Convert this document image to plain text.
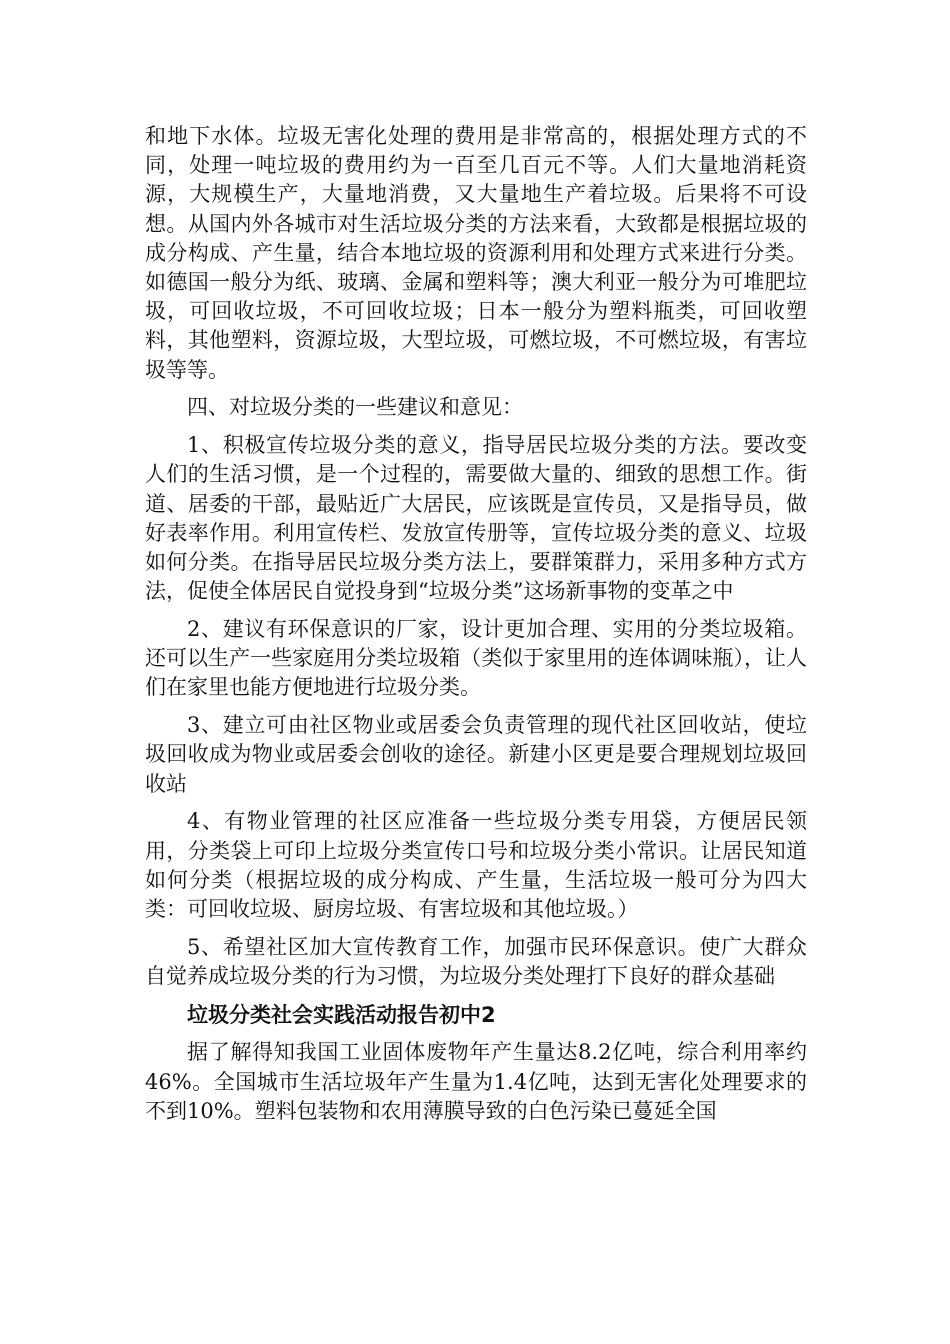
和地下水体。垃圾无害化处理的费用是非常高的，根据处理方式的不同，处理一吨垃圾的费用约为一百至几百元不等。人们大量地消耗资源，大规模生产，大量地消费，又大量地生产着垃圾。后果将不可设想。从国内外各城市对生活垃圾分类的方法来看，大致都是根据垃圾的成分构成、产生量，结合本地垃圾的资源利用和处理方式来进行分类。如德国一般分为纸、玻璃、金属和塑料等；澳大利亚一般分为可堆肥垃圾，可回收垃圾，不可回收垃圾；日本一般分为塑料瓶类，可回收塑料，其他塑料，资源垃圾，大型垃圾，可燃垃圾，不可燃垃圾，有害垃圾等等。

四、对垃圾分类的一些建议和意见：

1、积极宣传垃圾分类的意义，指导居民垃圾分类的方法。要改变人们的生活习惯，是一个过程的，需要做大量的、细致的思想工作。街道、居委的干部，最贴近广大居民，应该既是宣传员，又是指导员，做好表率作用。利用宣传栏、发放宣传册等，宣传垃圾分类的意义、垃圾如何分类。在指导居民垃圾分类方法上，要群策群力，采用多种方式方法，促使全体居民自觉投身到“垃圾分类”这场新事物的变革之中

2、建议有环保意识的厂家，设计更加合理、实用的分类垃圾箱。还可以生产一些家庭用分类垃圾箱（类似于家里用的连体调味瓶），让人们在家里也能方便地进行垃圾分类。

3、建立可由社区物业或居委会负责管理的现代社区回收站，使垃圾回收成为物业或居委会创收的途径。新建小区更是要合理规划垃圾回收站

4、有物业管理的社区应准备一些垃圾分类专用袋，方便居民领用，分类袋上可印上垃圾分类宣传口号和垃圾分类小常识。让居民知道如何分类（根据垃圾的成分构成、产生量，生活垃圾一般可分为四大类：可回收垃圾、厨房垃圾、有害垃圾和其他垃圾。）

5、希望社区加大宣传教育工作，加强市民环保意识。使广大群众自觉养成垃圾分类的行为习惯，为垃圾分类处理打下良好的群众基础

垃圾分类社会实践活动报告初中2

据了解得知我国工业固体废物年产生量达8.2亿吨，综合利用率约46%。全国城市生活垃圾年产生量为1.4亿吨，达到无害化处理要求的不到10%。塑料包装物和农用薄膜导致的白色污染已蔓延全国
